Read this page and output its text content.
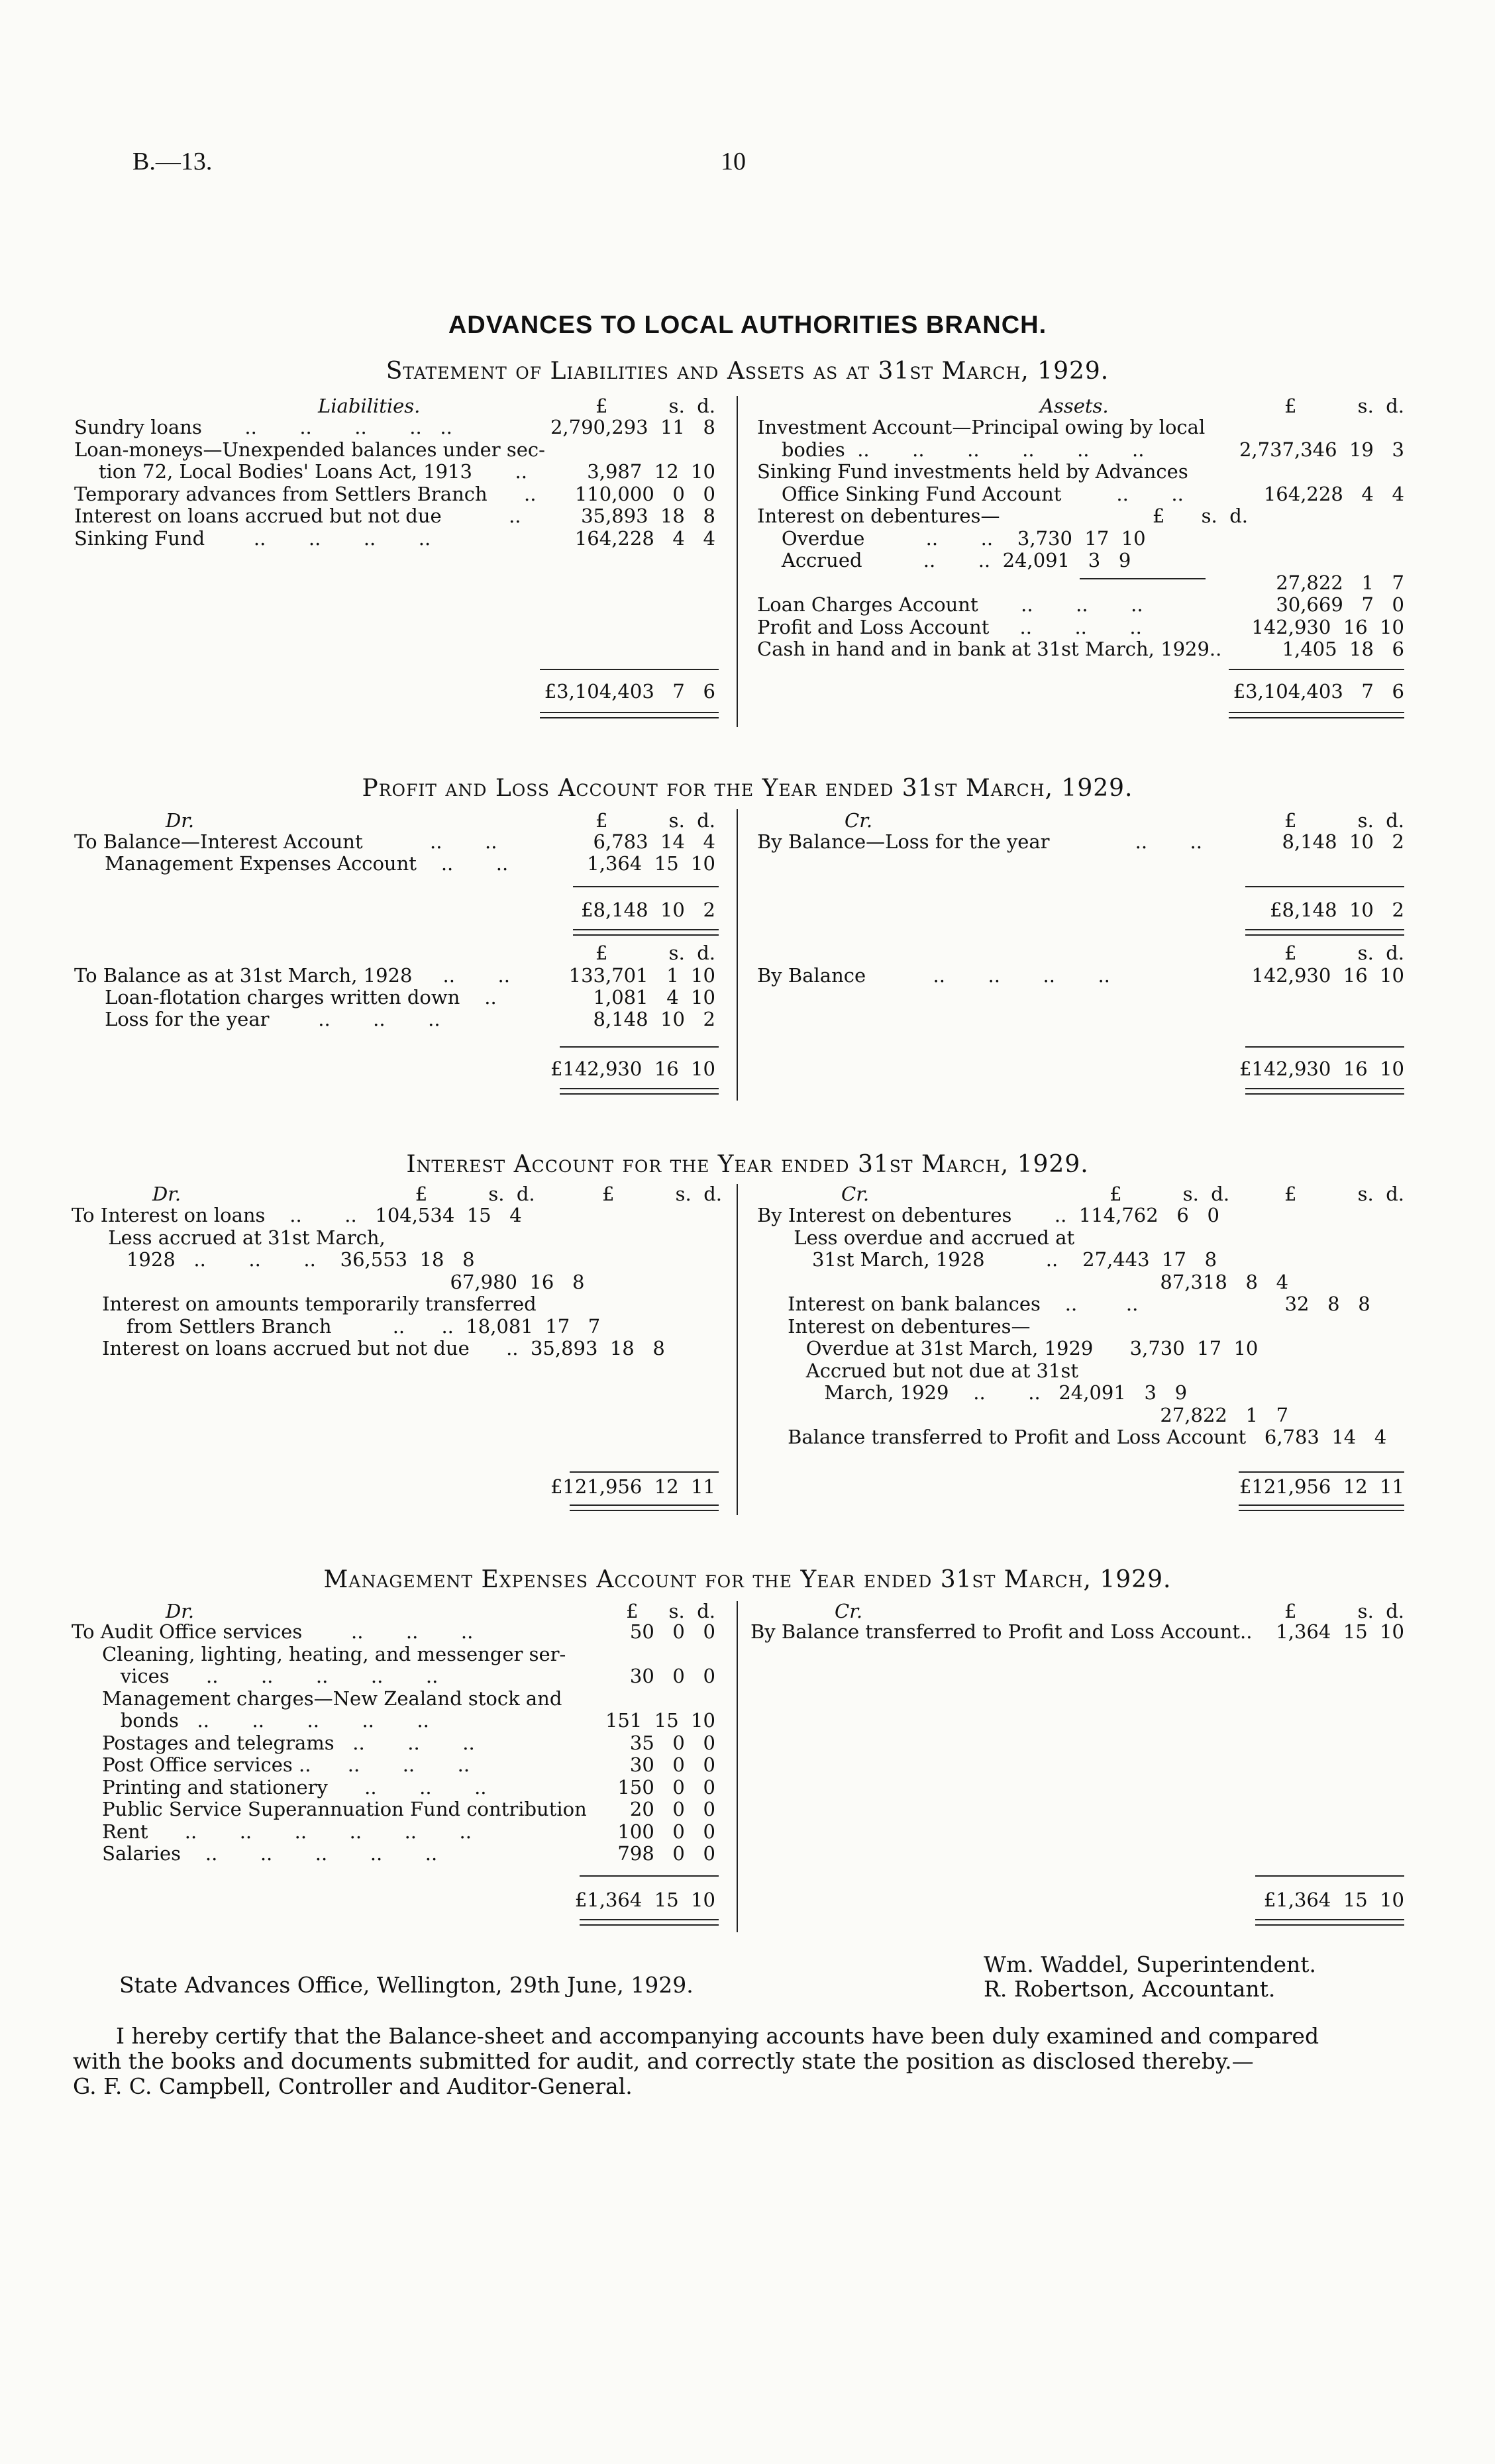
B.—13.	10
ADVANCES TO LOCAL AUTHORITIES BRANCH.
Statement of Liabilities and Assets as at 31st March, 1929.
Liabilities.	£          s.  d.	Assets.	£          s.  d.
Sundry loans       ..       ..       ..       ..   ..	2,790,293  11   8
Loan-moneys—Unexpended balances under sec-
tion 72, Local Bodies' Loans Act, 1913       ..	3,987  12  10
Temporary advances from Settlers Branch      ..	110,000   0   0
Interest on loans accrued but not due           ..	35,893  18   8
Sinking Fund        ..       ..       ..       ..	164,228   4   4
£3,104,403   7   6
Investment Account—Principal owing by local
bodies  ..       ..       ..       ..       ..       ..	2,737,346  19   3
Sinking Fund investments held by Advances
Office Sinking Fund Account         ..       ..	164,228   4   4
Interest on debentures—                         £      s.  d.
Overdue          ..       ..    3,730  17  10
Accrued          ..       ..  24,091   3   9
27,822   1   7
Loan Charges Account       ..       ..       ..	30,669   7   0
Profit and Loss Account     ..       ..       ..	142,930  16  10
Cash in hand and in bank at 31st March, 1929..	1,405  18   6
£3,104,403   7   6
Profit and Loss Account for the Year ended 31st March, 1929.
Dr.	£          s.  d.	Cr.	£          s.  d.
To Balance—Interest Account           ..       ..	6,783  14   4
Management Expenses Account    ..       ..	1,364  15  10
£8,148  10   2
By Balance—Loss for the year              ..       ..	8,148  10   2
£8,148  10   2
£          s.  d.	£          s.  d.
To Balance as at 31st March, 1928     ..       ..	133,701   1  10
Loan-flotation charges written down    ..	1,081   4  10
Loss for the year        ..       ..       ..	8,148  10   2
£142,930  16  10
By Balance           ..       ..       ..       ..	142,930  16  10
£142,930  16  10
Interest Account for the Year ended 31st March, 1929.
Dr.	£          s.  d.           £          s.  d.	Cr.	£          s.  d.         £          s.  d.
To Interest on loans    ..       ..   104,534  15   4
Less accrued at 31st March,
1928   ..       ..       ..    36,553  18   8
67,980  16   8
Interest on amounts temporarily transferred
from Settlers Branch          ..      ..  18,081  17   7
Interest on loans accrued but not due      ..  35,893  18   8
£121,956  12  11
By Interest on debentures       ..  114,762   6   0
Less overdue and accrued at
31st March, 1928          ..    27,443  17   8
87,318   8   4
Interest on bank balances    ..        ..                        32   8   8
Interest on debentures—
Overdue at 31st March, 1929      3,730  17  10
Accrued but not due at 31st
March, 1929    ..       ..   24,091   3   9
27,822   1   7
Balance transferred to Profit and Loss Account   6,783  14   4
£121,956  12  11
Management Expenses Account for the Year ended 31st March, 1929.
Dr.	£     s.  d.	Cr.	£          s.  d.
To Audit Office services        ..       ..       ..	50   0   0
Cleaning, lighting, heating, and messenger ser-
vices      ..       ..       ..       ..       ..	30   0   0
Management charges—New Zealand stock and
bonds   ..       ..       ..       ..       ..	151  15  10
Postages and telegrams   ..       ..       ..	35   0   0
Post Office services ..      ..       ..       ..	30   0   0
Printing and stationery      ..       ..       ..	150   0   0
Public Service Superannuation Fund contribution	20   0   0
Rent      ..       ..       ..       ..       ..       ..	100   0   0
Salaries    ..       ..       ..       ..       ..	798   0   0
£1,364  15  10
By Balance transferred to Profit and Loss Account..	1,364  15  10
£1,364  15  10
Wm. Waddel, Superintendent.
State Advances Office, Wellington, 29th June, 1929.	R. Robertson, Accountant.
I hereby certify that the Balance-sheet and accompanying accounts have been duly examined and compared
with the books and documents submitted for audit, and correctly state the position as disclosed thereby.—
G. F. C. Campbell, Controller and Auditor-General.
